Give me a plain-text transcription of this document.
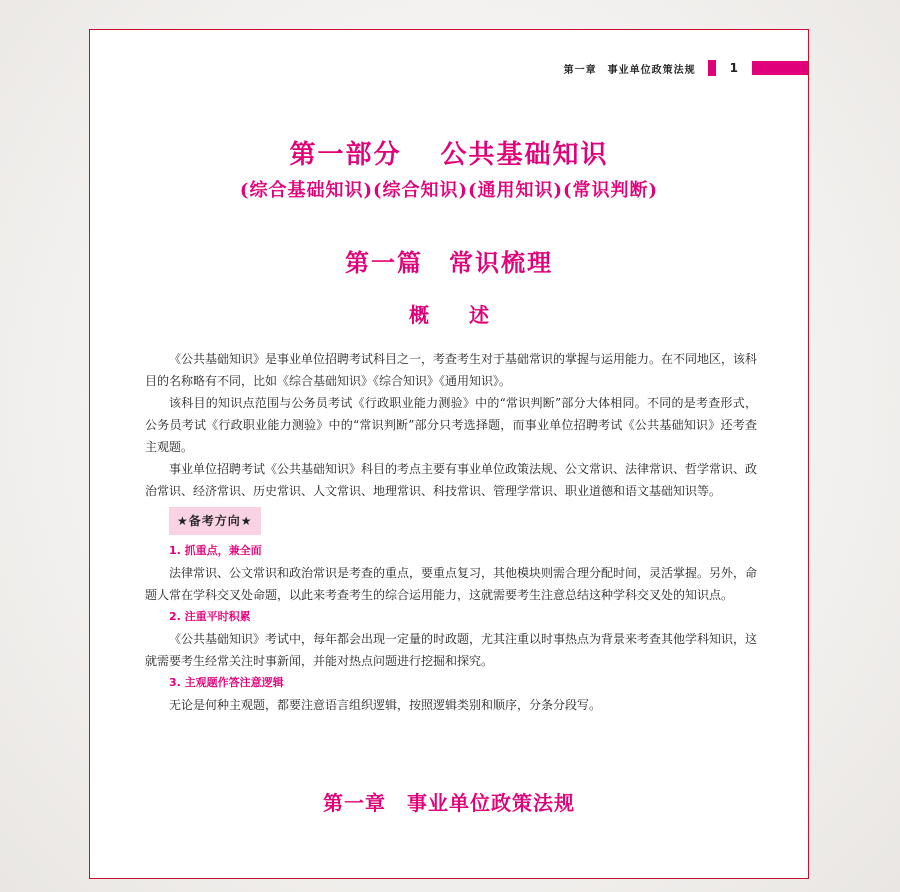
第一章　事业单位政策法规	1
第一部分　 公共基础知识
(综合基础知识)(综合知识)(通用知识)(常识判断)
第一篇　常识梳理
概　　述

《公共基础知识》是事业单位招聘考试科目之一，考查考生对于基础常识的掌握与运用能力。在不同地区，该科目的名称略有不同，比如《综合基础知识》《综合知识》《通用知识》。

该科目的知识点范围与公务员考试《行政职业能力测验》中的“常识判断”部分大体相同。不同的是考查形式，公务员考试《行政职业能力测验》中的“常识判断”部分只考选择题，而事业单位招聘考试《公共基础知识》还考查主观题。

事业单位招聘考试《公共基础知识》科目的考点主要有事业单位政策法规、公文常识、法律常识、哲学常识、政治常识、经济常识、历史常识、人文常识、地理常识、科技常识、管理学常识、职业道德和语文基础知识等。

★备考方向★
1. 抓重点，兼全面

法律常识、公文常识和政治常识是考查的重点，要重点复习，其他模块则需合理分配时间，灵活掌握。另外，命题人常在学科交叉处命题，以此来考查考生的综合运用能力，这就需要考生注意总结这种学科交叉处的知识点。

2. 注重平时积累

《公共基础知识》考试中，每年都会出现一定量的时政题，尤其注重以时事热点为背景来考查其他学科知识，这就需要考生经常关注时事新闻，并能对热点问题进行挖掘和探究。

3. 主观题作答注意逻辑

无论是何种主观题，都要注意语言组织逻辑，按照逻辑类别和顺序，分条分段写。

第一章　事业单位政策法规
